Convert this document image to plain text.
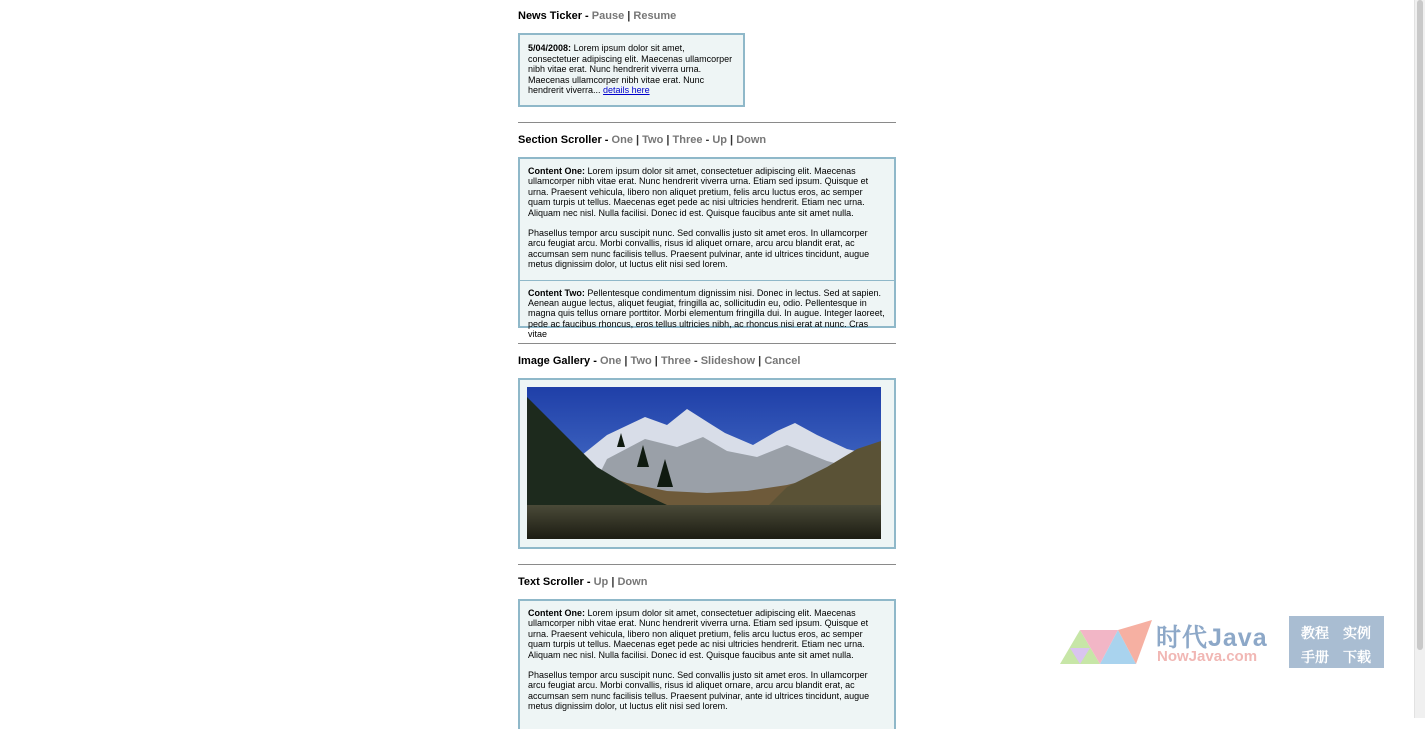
News Ticker - Pause | Resume
5/04/2008: Lorem ipsum dolor sit amet, consectetuer adipiscing elit. Maecenas ullamcorper nibh vitae erat. Nunc hendrerit viverra urna. Maecenas ullamcorper nibh vitae erat. Nunc hendrerit viverra... details here
Section Scroller - One | Two | Three - Up | Down

Content One: Lorem ipsum dolor sit amet, consectetuer adipiscing elit. Maecenas ullamcorper nibh vitae erat. Nunc hendrerit viverra urna. Etiam sed ipsum. Quisque et urna. Praesent vehicula, libero non aliquet pretium, felis arcu luctus eros, ac semper quam turpis ut tellus. Maecenas eget pede ac nisi ultricies hendrerit. Etiam nec urna. Aliquam nec nisl. Nulla facilisi. Donec id est. Quisque faucibus ante sit amet nulla.

Phasellus tempor arcu suscipit nunc. Sed convallis justo sit amet eros. In ullamcorper arcu feugiat arcu. Morbi convallis, risus id aliquet ornare, arcu arcu blandit erat, ac accumsan sem nunc facilisis tellus. Praesent pulvinar, ante id ultrices tincidunt, augue metus dignissim dolor, ut luctus elit nisi sed lorem.

Content Two: Pellentesque condimentum dignissim nisi. Donec in lectus. Sed at sapien. Aenean augue lectus, aliquet feugiat, fringilla ac, sollicitudin eu, odio. Pellentesque in magna quis tellus ornare porttitor. Morbi elementum fringilla dui. In augue. Integer laoreet, pede ac faucibus rhoncus, eros tellus ultricies nibh, ac rhoncus nisi erat at nunc. Cras vitae

Image Gallery - One | Two | Three - Slideshow | Cancel
Text Scroller - Up | Down

Content One: Lorem ipsum dolor sit amet, consectetuer adipiscing elit. Maecenas ullamcorper nibh vitae erat. Nunc hendrerit viverra urna. Etiam sed ipsum. Quisque et urna. Praesent vehicula, libero non aliquet pretium, felis arcu luctus eros, ac semper quam turpis ut tellus. Maecenas eget pede ac nisi ultricies hendrerit. Etiam nec urna. Aliquam nec nisl. Nulla facilisi. Donec id est. Quisque faucibus ante sit amet nulla.

Phasellus tempor arcu suscipit nunc. Sed convallis justo sit amet eros. In ullamcorper arcu feugiat arcu. Morbi convallis, risus id aliquet ornare, arcu arcu blandit erat, ac accumsan sem nunc facilisis tellus. Praesent pulvinar, ante id ultrices tincidunt, augue metus dignissim dolor, ut luctus elit nisi sed lorem.

时代Java
NowJava.com
教程 实例
手册 下载
